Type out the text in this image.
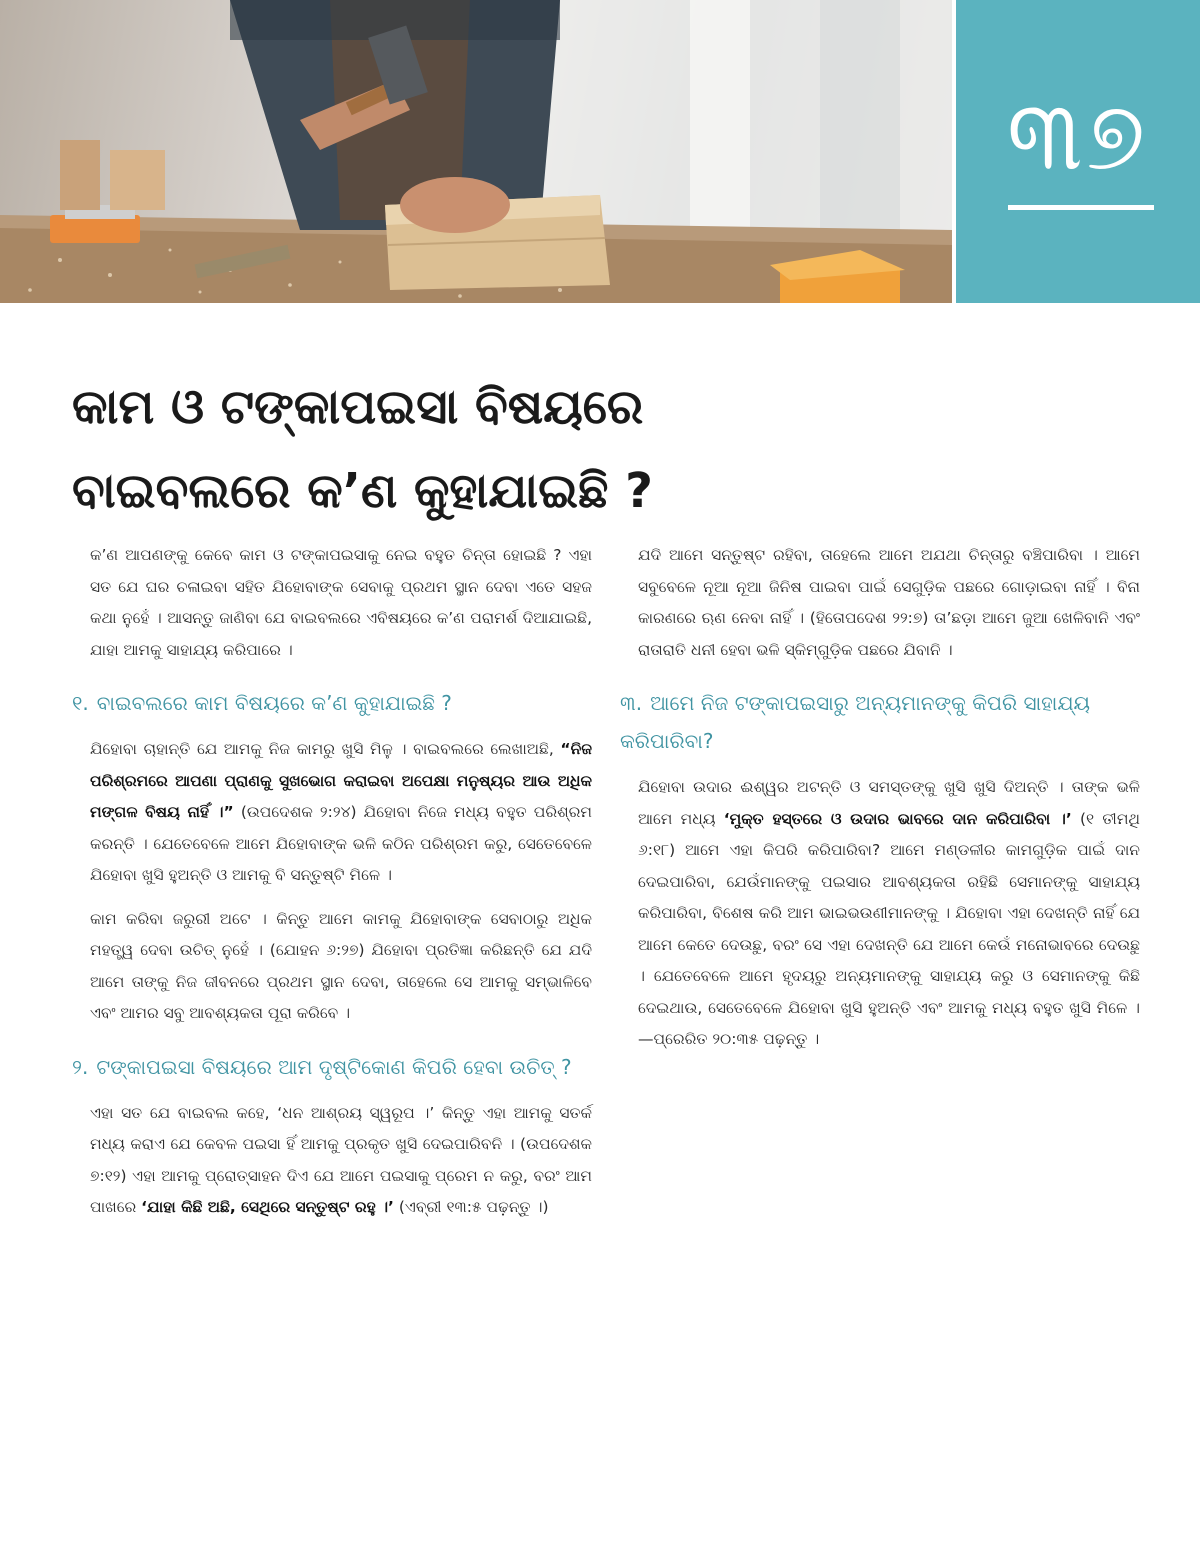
୩୭
କାମ ଓ ଟଙ୍କାପଇସା ବିଷୟରେ
ବାଇବଲରେ କ’ଣ କୁହାଯାଇଛି ?

କ’ଣ ଆପଣଙ୍କୁ କେବେ କାମ ଓ ଟଙ୍କାପଇସାକୁ ନେଇ ବହୁତ ଚିନ୍ତା ହୋଇଛି ? ଏହା ସତ ଯେ ଘର ଚଳାଇବା ସହିତ ଯିହୋବାଙ୍କ ସେବାକୁ ପ୍ରଥମ ସ୍ଥାନ ଦେବା ଏତେ ସହଜ କଥା ନୁହେଁ । ଆସନ୍ତୁ ଜାଣିବା ଯେ ବାଇବଲରେ ଏବିଷୟରେ କ’ଣ ପରାମର୍ଶ ଦିଆଯାଇଛି, ଯାହା ଆମକୁ ସାହାଯ୍ୟ କରିପାରେ ।

୧. ବାଇବଲରେ କାମ ବିଷୟରେ କ’ଣ କୁହାଯାଇଛି ?

ଯିହୋବା ଚାହାନ୍ତି ଯେ ଆମକୁ ନିଜ କାମରୁ ଖୁସି ମିଳୁ । ବାଇବଲରେ ଲେଖାଅଛି, “ନିଜ ପରିଶ୍ରମରେ ଆପଣା ପ୍ରାଣକୁ ସୁଖଭୋଗ କରାଇବା ଅପେକ୍ଷା ମନୁଷ୍ୟର ଆଉ ଅଧିକ ମଙ୍ଗଳ ବିଷୟ ନାହିଁ ।” (ଉପଦେଶକ ୨:୨୪) ଯିହୋବା ନିଜେ ମଧ୍ୟ ବହୁତ ପରିଶ୍ରମ କରନ୍ତି । ଯେତେବେଳେ ଆମେ ଯିହୋବାଙ୍କ ଭଳି କଠିନ ପରିଶ୍ରମ କରୁ, ସେତେବେଳେ ଯିହୋବା ଖୁସି ହୁଅନ୍ତି ଓ ଆମକୁ ବି ସନ୍ତୁଷ୍ଟି ମିଳେ ।

କାମ କରିବା ଜରୁରୀ ଅଟେ । କିନ୍ତୁ ଆମେ କାମକୁ ଯିହୋବାଙ୍କ ସେବାଠାରୁ ଅଧିକ ମହତ୍ତ୍ୱ ଦେବା ଉଚିତ୍ ନୁହେଁ । (ଯୋହନ ୬:୨୭) ଯିହୋବା ପ୍ରତିଜ୍ଞା କରିଛନ୍ତି ଯେ ଯଦି ଆମେ ତାଙ୍କୁ ନିଜ ଜୀବନରେ ପ୍ରଥମ ସ୍ଥାନ ଦେବା, ତାହେଲେ ସେ ଆମକୁ ସମ୍ଭାଳିବେ ଏବଂ ଆମର ସବୁ ଆବଶ୍ୟକତା ପୂରା କରିବେ ।

୨. ଟଙ୍କାପଇସା ବିଷୟରେ ଆମ ଦୃଷ୍ଟିକୋଣ କିପରି ହେବା ଉଚିତ୍ ?

ଏହା ସତ ଯେ ବାଇବଲ କହେ, ‘ଧନ ଆଶ୍ରୟ ସ୍ୱରୂପ ।’ କିନ୍ତୁ ଏହା ଆମକୁ ସତର୍କ ମଧ୍ୟ କରାଏ ଯେ କେବଳ ପଇସା ହିଁ ଆମକୁ ପ୍ରକୃତ ଖୁସି ଦେଇପାରିବନି । (ଉପଦେଶକ ୭:୧୨) ଏହା ଆମକୁ ପ୍ରୋତ୍ସାହନ ଦିଏ ଯେ ଆମେ ପଇସାକୁ ପ୍ରେମ ନ କରୁ, ବରଂ ଆମ ପାଖରେ ‘ଯାହା କିଛି ଅଛି, ସେଥିରେ ସନ୍ତୁଷ୍ଟ ରହୁ ।’ (ଏବ୍ରୀ ୧୩:୫ ପଢ଼ନ୍ତୁ ।)

ଯଦି ଆମେ ସନ୍ତୁଷ୍ଟ ରହିବା, ତାହେଲେ ଆମେ ଅଯଥା ଚିନ୍ତାରୁ ବଞ୍ଚିପାରିବା । ଆମେ ସବୁବେଳେ ନୂଆ ନୂଆ ଜିନିଷ ପାଇବା ପାଇଁ ସେଗୁଡ଼ିକ ପଛରେ ଗୋଡ଼ାଇବା ନାହିଁ । ବିନା କାରଣରେ ଋଣ ନେବା ନାହିଁ । (ହିତୋପଦେଶ ୨୨:୭) ତା’ଛଡ଼ା ଆମେ ଜୁଆ ଖେଳିବାନି ଏବଂ ରାତାରାତି ଧନୀ ହେବା ଭଳି ସ୍କିମ୍‌ଗୁଡ଼ିକ ପଛରେ ଯିବାନି ।

୩. ଆମେ ନିଜ ଟଙ୍କାପଇସାରୁ ଅନ୍ୟମାନଙ୍କୁ କିପରି ସାହାଯ୍ୟ କରିପାରିବା?

ଯିହୋବା ଉଦାର ଈଶ୍ୱର ଅଟନ୍ତି ଓ ସମସ୍ତଙ୍କୁ ଖୁସି ଖୁସି ଦିଅନ୍ତି । ତାଙ୍କ ଭଳି ଆମେ ମଧ୍ୟ ‘ମୁକ୍ତ ହସ୍ତରେ ଓ ଉଦାର ଭାବରେ ଦାନ କରିପାରିବା ।’ (୧ ତୀମଥି ୬:୧୮) ଆମେ ଏହା କିପରି କରିପାରିବା? ଆମେ ମଣ୍ଡଳୀର କାମଗୁଡ଼ିକ ପାଇଁ ଦାନ ଦେଇପାରିବା, ଯେଉଁମାନଙ୍କୁ ପଇସାର ଆବଶ୍ୟକତା ରହିଛି ସେମାନଙ୍କୁ ସାହାଯ୍ୟ କରିପାରିବା, ବିଶେଷ କରି ଆମ ଭାଇଭଉଣୀମାନଙ୍କୁ । ଯିହୋବା ଏହା ଦେଖନ୍ତି ନାହିଁ ଯେ ଆମେ କେତେ ଦେଉଛୁ, ବରଂ ସେ ଏହା ଦେଖନ୍ତି ଯେ ଆମେ କେଉଁ ମନୋଭାବରେ ଦେଉଛୁ । ଯେତେବେଳେ ଆମେ ହୃଦୟରୁ ଅନ୍ୟମାନଙ୍କୁ ସାହାଯ୍ୟ କରୁ ଓ ସେମାନଙ୍କୁ କିଛି ଦେଇଥାଉ, ସେତେବେଳେ ଯିହୋବା ଖୁସି ହୁଅନ୍ତି ଏବଂ ଆମକୁ ମଧ୍ୟ ବହୁତ ଖୁସି ମିଳେ ।—ପ୍ରେରିତ ୨୦:୩୫ ପଢ଼ନ୍ତୁ ।
